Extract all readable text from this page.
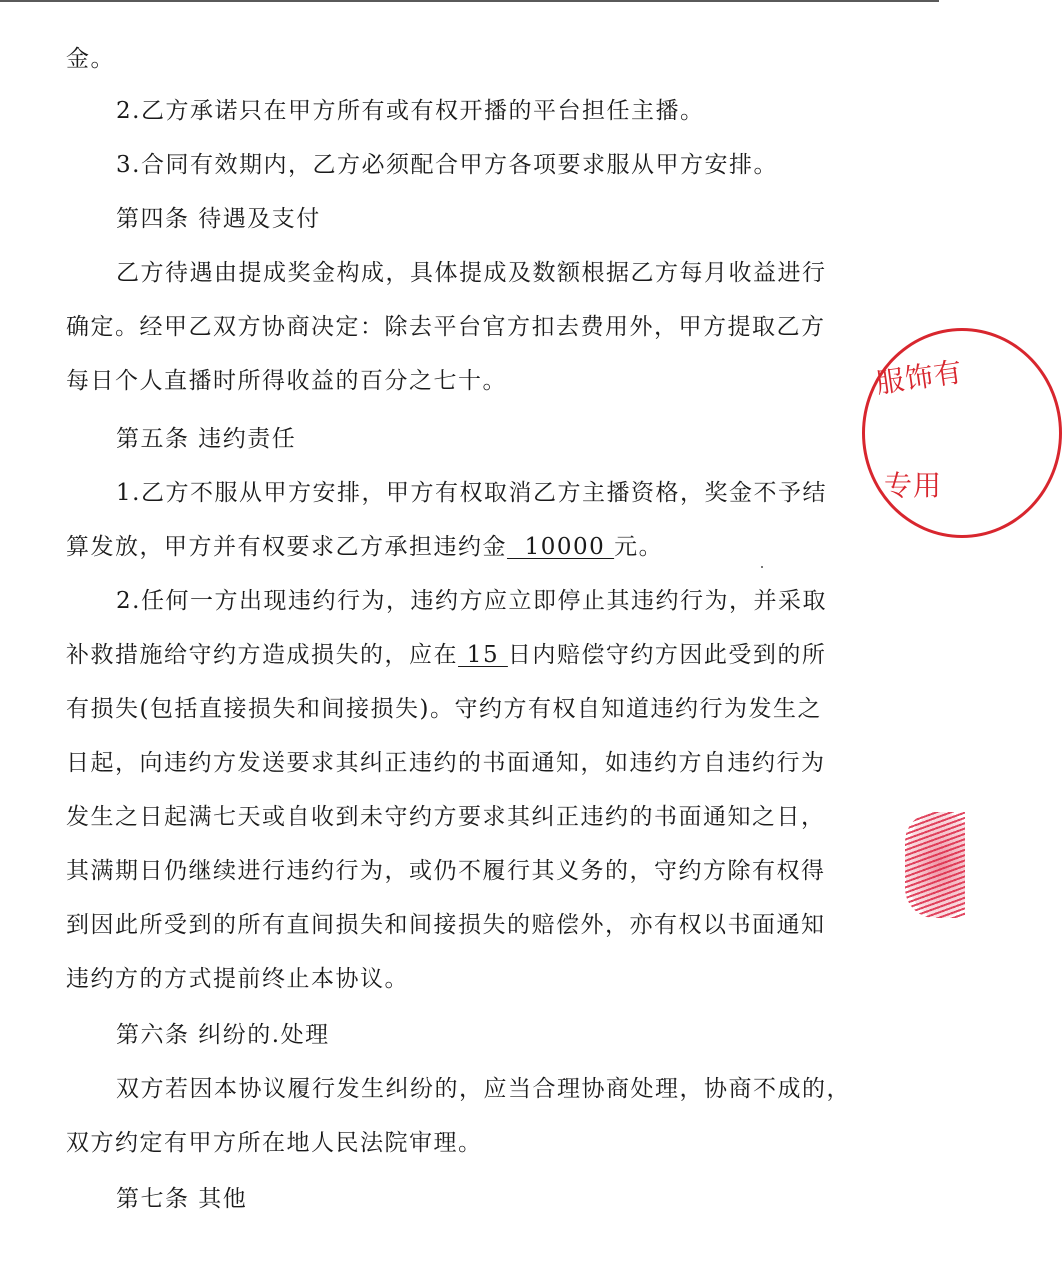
金。
2.乙方承诺只在甲方所有或有权开播的平台担任主播。
3.合同有效期内，乙方必须配合甲方各项要求服从甲方安排。
第四条 待遇及支付
乙方待遇由提成奖金构成，具体提成及数额根据乙方每月收益进行
确定。经甲乙双方协商决定：除去平台官方扣去费用外，甲方提取乙方
每日个人直播时所得收益的百分之七十。
第五条 违约责任
1.乙方不服从甲方安排，甲方有权取消乙方主播资格，奖金不予结
算发放，甲方并有权要求乙方承担违约金  10000 元。
2.任何一方出现违约行为，违约方应立即停止其违约行为，并采取
补救措施给守约方造成损失的，应在 15 日内赔偿守约方因此受到的所
有损失(包括直接损失和间接损失)。守约方有权自知道违约行为发生之
日起，向违约方发送要求其纠正违约的书面通知，如违约方自违约行为
发生之日起满七天或自收到未守约方要求其纠正违约的书面通知之日，
其满期日仍继续进行违约行为，或仍不履行其义务的，守约方除有权得
到因此所受到的所有直间损失和间接损失的赔偿外，亦有权以书面通知
违约方的方式提前终止本协议。
第六条 纠纷的.处理
双方若因本协议履行发生纠纷的，应当合理协商处理，协商不成的，
双方约定有甲方所在地人民法院审理。
第七条 其他
服饰有
专用
